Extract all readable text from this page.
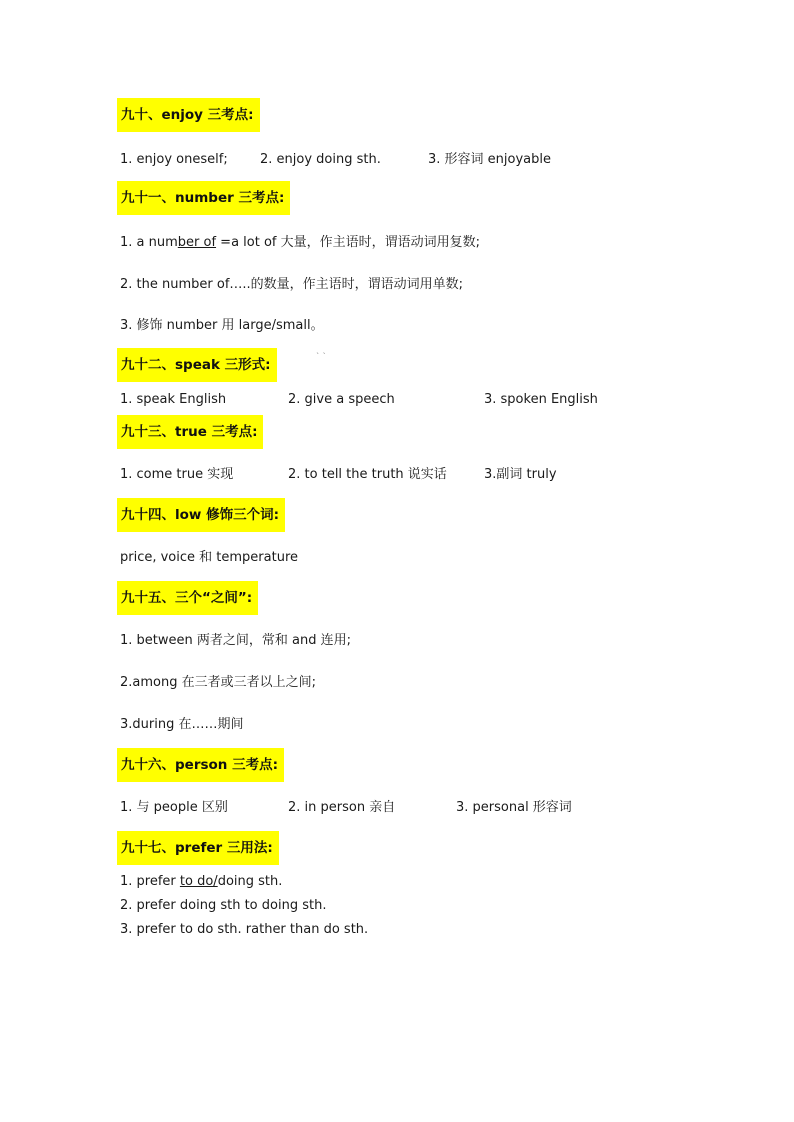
九十、enjoy 三考点:
1. enjoy oneself; 2. enjoy doing sth.	3. 形容词 enjoyable
九十一、number 三考点:
1. a number of =a lot of 大量，作主语时，谓语动词用复数;
2. the number of…..的数量，作主语时，谓语动词用单数;
3. 修饰 number 用 large/small。
` `
九十二、speak 三形式:
1. speak English	2. give a speech	3. spoken English
九十三、true 三考点:
1. come true 实现	2. to tell the truth 说实话	3.副词 truly
九十四、low 修饰三个词:
price, voice 和 temperature
九十五、三个“之间”:
1. between 两者之间，常和 and 连用;
2.among 在三者或三者以上之间;
3.during 在……期间
九十六、person 三考点:
1. 与 people 区别	2. in person 亲自	3. personal 形容词
九十七、prefer 三用法:
1. prefer to do/doing sth.
2. prefer doing sth to doing sth.
3. prefer to do sth. rather than do sth.
